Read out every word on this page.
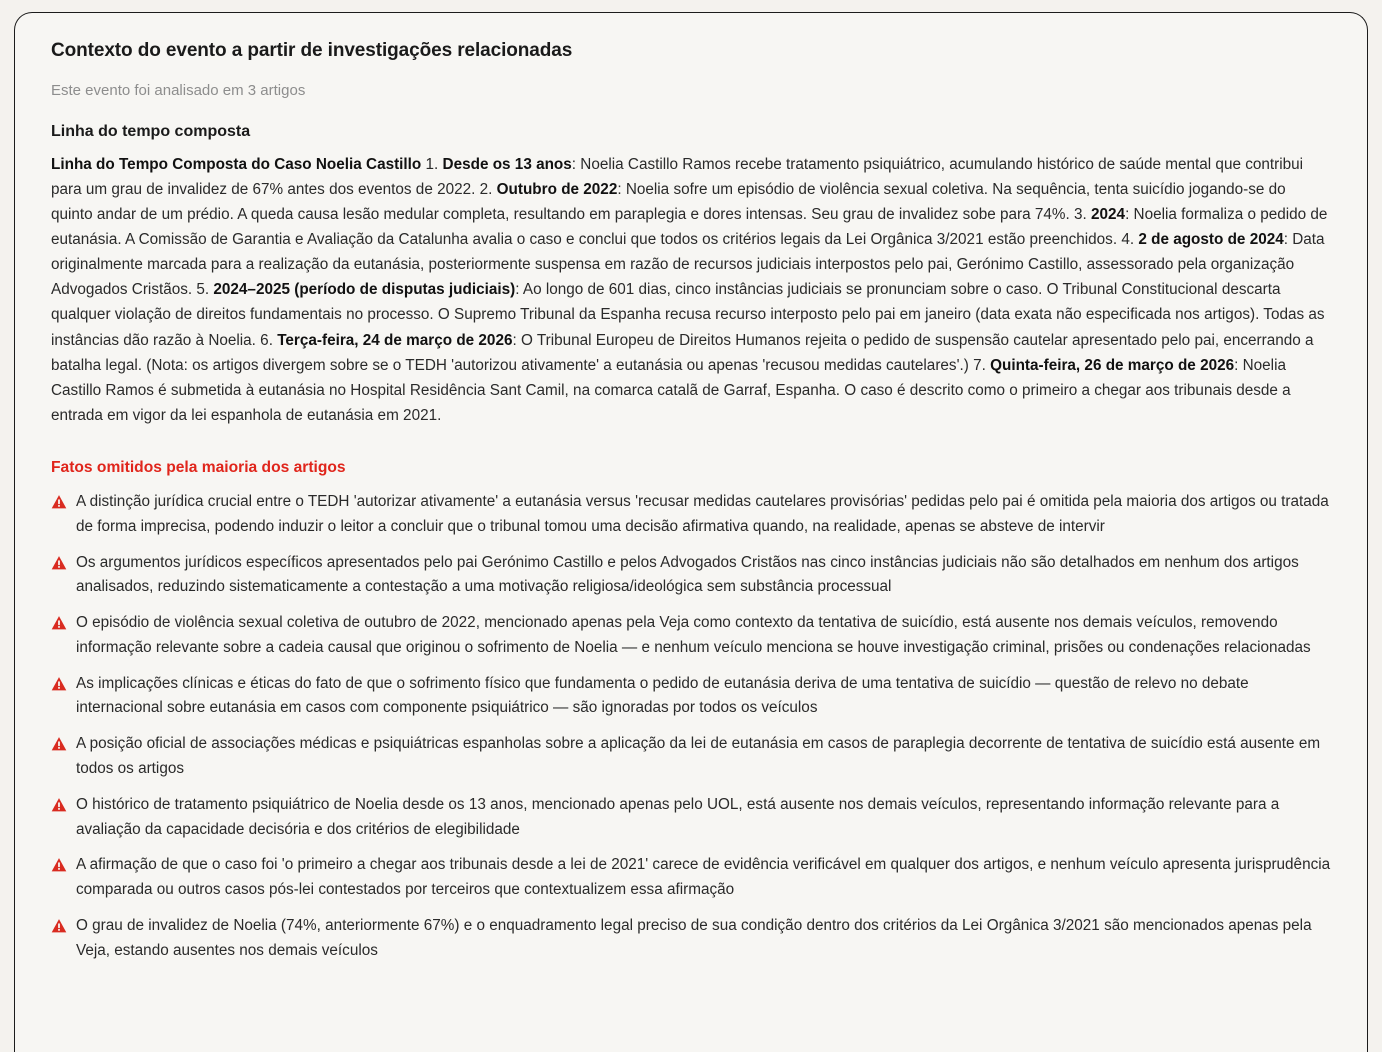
Contexto do evento a partir de investigações relacionadas
Este evento foi analisado em 3 artigos
Linha do tempo composta

Linha do Tempo Composta do Caso Noelia Castillo 1. Desde os 13 anos: Noelia Castillo Ramos recebe tratamento psiquiátrico, acumulando histórico de saúde mental que contribui para um grau de invalidez de 67% antes dos eventos de 2022. 2. Outubro de 2022: Noelia sofre um episódio de violência sexual coletiva. Na sequência, tenta suicídio jogando-se do quinto andar de um prédio. A queda causa lesão medular completa, resultando em paraplegia e dores intensas. Seu grau de invalidez sobe para 74%. 3. 2024: Noelia formaliza o pedido de eutanásia. A Comissão de Garantia e Avaliação da Catalunha avalia o caso e conclui que todos os critérios legais da Lei Orgânica 3/2021 estão preenchidos. 4. 2 de agosto de 2024: Data originalmente marcada para a realização da eutanásia, posteriormente suspensa em razão de recursos judiciais interpostos pelo pai, Gerónimo Castillo, assessorado pela organização Advogados Cristãos. 5. 2024–2025 (período de disputas judiciais): Ao longo de 601 dias, cinco instâncias judiciais se pronunciam sobre o caso. O Tribunal Constitucional descarta qualquer violação de direitos fundamentais no processo. O Supremo Tribunal da Espanha recusa recurso interposto pelo pai em janeiro (data exata não especificada nos artigos). Todas as instâncias dão razão à Noelia. 6. Terça-feira, 24 de março de 2026: O Tribunal Europeu de Direitos Humanos rejeita o pedido de suspensão cautelar apresentado pelo pai, encerrando a batalha legal. (Nota: os artigos divergem sobre se o TEDH 'autorizou ativamente' a eutanásia ou apenas 'recusou medidas cautelares'.) 7. Quinta-feira, 26 de março de 2026: Noelia Castillo Ramos é submetida à eutanásia no Hospital Residência Sant Camil, na comarca catalã de Garraf, Espanha. O caso é descrito como o primeiro a chegar aos tribunais desde a entrada em vigor da lei espanhola de eutanásia em 2021.

Fatos omitidos pela maioria dos artigos
A distinção jurídica crucial entre o TEDH 'autorizar ativamente' a eutanásia versus 'recusar medidas cautelares provisórias' pedidas pelo pai é omitida pela maioria dos artigos ou tratada de forma imprecisa, podendo induzir o leitor a concluir que o tribunal tomou uma decisão afirmativa quando, na realidade, apenas se absteve de intervir
Os argumentos jurídicos específicos apresentados pelo pai Gerónimo Castillo e pelos Advogados Cristãos nas cinco instâncias judiciais não são detalhados em nenhum dos artigos analisados, reduzindo sistematicamente a contestação a uma motivação religiosa/ideológica sem substância processual
O episódio de violência sexual coletiva de outubro de 2022, mencionado apenas pela Veja como contexto da tentativa de suicídio, está ausente nos demais veículos, removendo informação relevante sobre a cadeia causal que originou o sofrimento de Noelia — e nenhum veículo menciona se houve investigação criminal, prisões ou condenações relacionadas
As implicações clínicas e éticas do fato de que o sofrimento físico que fundamenta o pedido de eutanásia deriva de uma tentativa de suicídio — questão de relevo no debate internacional sobre eutanásia em casos com componente psiquiátrico — são ignoradas por todos os veículos
A posição oficial de associações médicas e psiquiátricas espanholas sobre a aplicação da lei de eutanásia em casos de paraplegia decorrente de tentativa de suicídio está ausente em todos os artigos
O histórico de tratamento psiquiátrico de Noelia desde os 13 anos, mencionado apenas pelo UOL, está ausente nos demais veículos, representando informação relevante para a avaliação da capacidade decisória e dos critérios de elegibilidade
A afirmação de que o caso foi 'o primeiro a chegar aos tribunais desde a lei de 2021' carece de evidência verificável em qualquer dos artigos, e nenhum veículo apresenta jurisprudência comparada ou outros casos pós-lei contestados por terceiros que contextualizem essa afirmação
O grau de invalidez de Noelia (74%, anteriormente 67%) e o enquadramento legal preciso de sua condição dentro dos critérios da Lei Orgânica 3/2021 são mencionados apenas pela Veja, estando ausentes nos demais veículos
